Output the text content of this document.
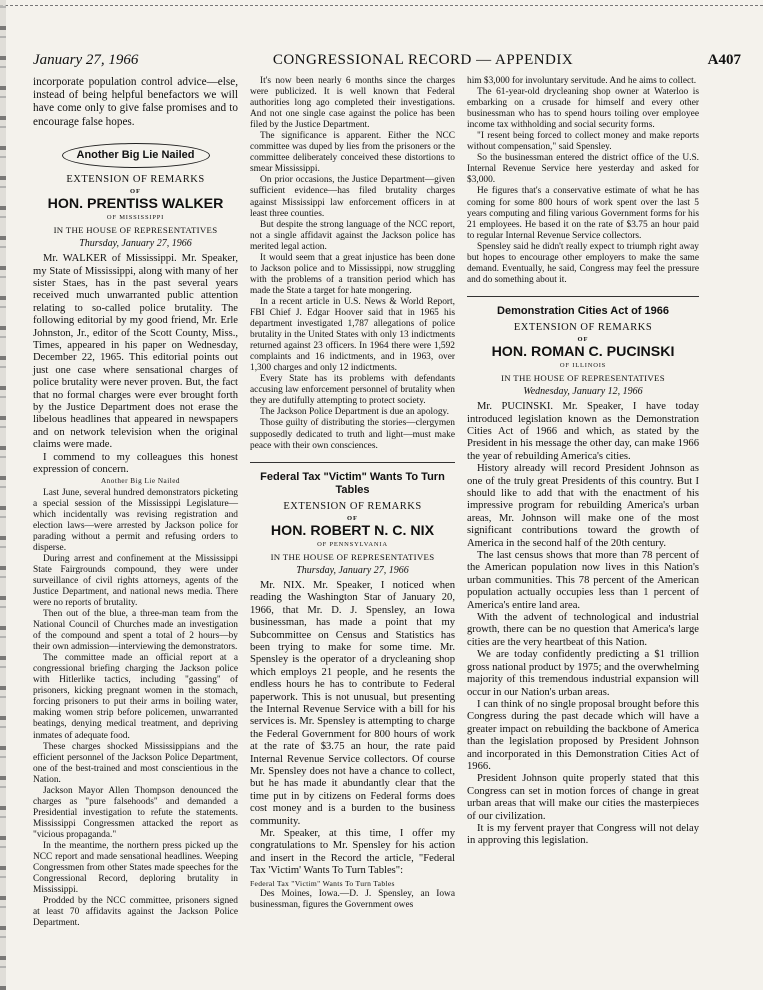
January 27, 1966	CONGRESSIONAL RECORD — APPENDIX	A407

incorporate population control advice—else, instead of being helpful benefactors we will have come only to give false promises and to encourage false hopes.

Another Big Lie Nailed
EXTENSION OF REMARKS
OF
HON. PRENTISS WALKER
OF MISSISSIPPI
IN THE HOUSE OF REPRESENTATIVES
Thursday, January 27, 1966

Mr. WALKER of Mississippi. Mr. Speaker, my State of Mississippi, along with many of her sister Staes, has in the past several years received much unwarranted public attention relating to so-called police brutality. The following editorial by my good friend, Mr. Erle Johnston, Jr., editor of the Scott County, Miss., Times, appeared in his paper on Wednesday, December 22, 1965. This editorial points out just one case where sensational charges of police brutality were never proven. But, the fact that no formal charges were ever brought forth by the Justice Department does not erase the libelous headlines that appeared in newspapers and on network television when the original claims were made.

I commend to my colleagues this honest expression of concern.

Another Big Lie Nailed

Last June, several hundred demonstrators picketing a special session of the Mississippi Legislature—which incidentally was revising registration and election laws—were arrested by Jackson police for parading without a permit and refusing orders to disperse.

During arrest and confinement at the Mississippi State Fairgrounds compound, they were under surveillance of civil rights attorneys, agents of the Justice Department, and national news media. There were no reports of brutality.

Then out of the blue, a three-man team from the National Council of Churches made an investigation of the compound and spent a total of 2 hours—by their own admission—interviewing the demonstrators.

The committee made an official report at a congressional briefing charging the Jackson police with Hitlerlike tactics, including "gassing" of prisoners, kicking pregnant women in the stomach, forcing prisoners to put their arms in boiling water, making women strip before policemen, unwarranted beatings, denying medical treatment, and depriving inmates of adequate food.

These charges shocked Mississippians and the efficient personnel of the Jackson Police Department, one of the best-trained and most conscientious in the Nation.

Jackson Mayor Allen Thompson denounced the charges as "pure falsehoods" and demanded a Presidential investigation to refute the statements. Mississippi Congressmen attacked the report as "vicious propaganda."

In the meantime, the northern press picked up the NCC report and made sensational headlines. Weeping Congressmen from other States made speeches for the Congressional Record, deploring brutality in Mississippi.

Prodded by the NCC committee, prisoners signed at least 70 affidavits against the Jackson Police Department.

It's now been nearly 6 months since the charges were publicized. It is well known that Federal authorities long ago completed their investigations. And not one single case against the police has been filed by the Justice Department.

The significance is apparent. Either the NCC committee was duped by lies from the prisoners or the committee deliberately conceived these distortions to smear Mississippi.

On prior occasions, the Justice Department—given sufficient evidence—has filed brutality charges against Mississippi law enforcement officers in at least three counties.

But despite the strong language of the NCC report, not a single affidavit against the Jackson police has merited legal action.

It would seem that a great injustice has been done to Jackson police and to Mississippi, now struggling with the problems of a transition period which has made the State a target for hate mongering.

In a recent article in U.S. News & World Report, FBI Chief J. Edgar Hoover said that in 1965 his department investigated 1,787 allegations of police brutality in the United States with only 13 indictments returned against 23 officers. In 1964 there were 1,592 complaints and 16 indictments, and in 1963, over 1,300 charges and only 12 indictments.

Every State has its problems with defendants accusing law enforcement personnel of brutality when they are dutifully attempting to protect society.

The Jackson Police Department is due an apology.

Those guilty of distributing the stories—clergymen supposedly dedicated to truth and light—must make peace with their own consciences.

Federal Tax "Victim" Wants To Turn Tables
EXTENSION OF REMARKS
OF
HON. ROBERT N. C. NIX
OF PENNSYLVANIA
IN THE HOUSE OF REPRESENTATIVES
Thursday, January 27, 1966

Mr. NIX. Mr. Speaker, I noticed when reading the Washington Star of January 20, 1966, that Mr. D. J. Spensley, an Iowa businessman, has made a point that my Subcommittee on Census and Statistics has been trying to make for some time. Mr. Spensley is the operator of a drycleaning shop which employs 21 people, and he resents the endless hours he has to contribute to Federal paperwork. This is not unusual, but presenting the Internal Revenue Service with a bill for his services is. Mr. Spensley is attempting to charge the Federal Government for 800 hours of work at the rate of $3.75 an hour, the rate paid Internal Revenue Service collectors. Of course Mr. Spensley does not have a chance to collect, but he has made it abundantly clear that the time put in by citizens on Federal forms does cost money and is a burden to the business community.

Mr. Speaker, at this time, I offer my congratulations to Mr. Spensley for his action and insert in the Record the article, "Federal Tax 'Victim' Wants To Turn Tables":

Federal Tax "Victim" Wants To Turn Tables

Des Moines, Iowa.—D. J. Spensley, an Iowa businessman, figures the Government owes

him $3,000 for involuntary servitude. And he aims to collect.

The 61-year-old drycleaning shop owner at Waterloo is embarking on a crusade for himself and every other businessman who has to spend hours toiling over employee income tax withholding and social security forms.

"I resent being forced to collect money and make reports without compensation," said Spensley.

So the businessman entered the district office of the U.S. Internal Revenue Service here yesterday and asked for $3,000.

He figures that's a conservative estimate of what he has coming for some 800 hours of work spent over the last 5 years computing and filing various Government forms for his 21 employees. He based it on the rate of $3.75 an hour paid to regular Internal Revenue Service collectors.

Spensley said he didn't really expect to triumph right away but hopes to encourage other employers to make the same demand. Eventually, he said, Congress may feel the pressure and do something about it.

Demonstration Cities Act of 1966
EXTENSION OF REMARKS
OF
HON. ROMAN C. PUCINSKI
OF ILLINOIS
IN THE HOUSE OF REPRESENTATIVES
Wednesday, January 12, 1966

Mr. PUCINSKI. Mr. Speaker, I have today introduced legislation known as the Demonstration Cities Act of 1966 and which, as stated by the President in his message the other day, can make 1966 the year of rebuilding America's cities.

History already will record President Johnson as one of the truly great Presidents of this country. But I should like to add that with the enactment of his impressive program for rebuilding America's urban areas, Mr. Johnson will make one of the most significant contributions toward the growth of America in the second half of the 20th century.

The last census shows that more than 78 percent of the American population now lives in this Nation's urban communities. This 78 percent of the American population actually occupies less than 1 percent of America's entire land area.

With the advent of technological and industrial growth, there can be no question that America's large cities are the very heartbeat of this Nation.

We are today confidently predicting a $1 trillion gross national product by 1975; and the overwhelming majority of this tremendous industrial expansion will occur in our Nation's urban areas.

I can think of no single proposal brought before this Congress during the past decade which will have a greater impact on rebuilding the backbone of America than the legislation proposed by President Johnson and incorporated in this Demonstration Cities Act of 1966.

President Johnson quite properly stated that this Congress can set in motion forces of change in great urban areas that will make our cities the masterpieces of our civilization.

It is my fervent prayer that Congress will not delay in approving this legislation.
